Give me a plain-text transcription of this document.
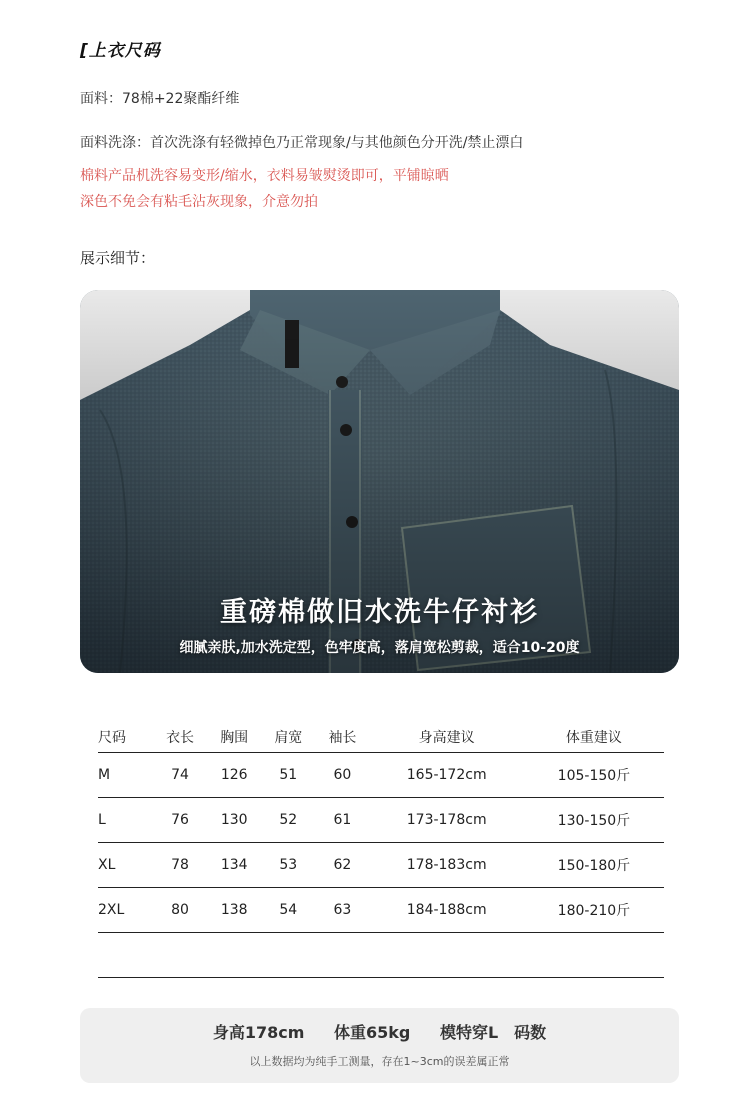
[上衣尺码
面料：78棉+22聚酯纤维
面料洗涤：首次洗涤有轻微掉色乃正常现象/与其他颜色分开洗/禁止漂白
棉料产品机洗容易变形/缩水，衣料易皱熨烫即可，平铺晾晒
深色不免会有粘毛沾灰现象，介意勿拍
展示细节：
重磅棉做旧水洗牛仔衬衫
细腻亲肤,加水洗定型，色牢度高，落肩宽松剪裁，适合10-20度
尺码	衣长	胸围	肩宽	袖长	身高建议	体重建议
M	74	126	51	60	165-172cm	105-150斤
L	76	130	52	61	173-178cm	130-150斤
XL	78	134	53	62	178-183cm	150-180斤
2XL	80	138	54	63	184-188cm	180-210斤
身高178cm 体重65kg 模特穿L　码数
以上数据均为纯手工测量，存在1~3cm的误差属正常
